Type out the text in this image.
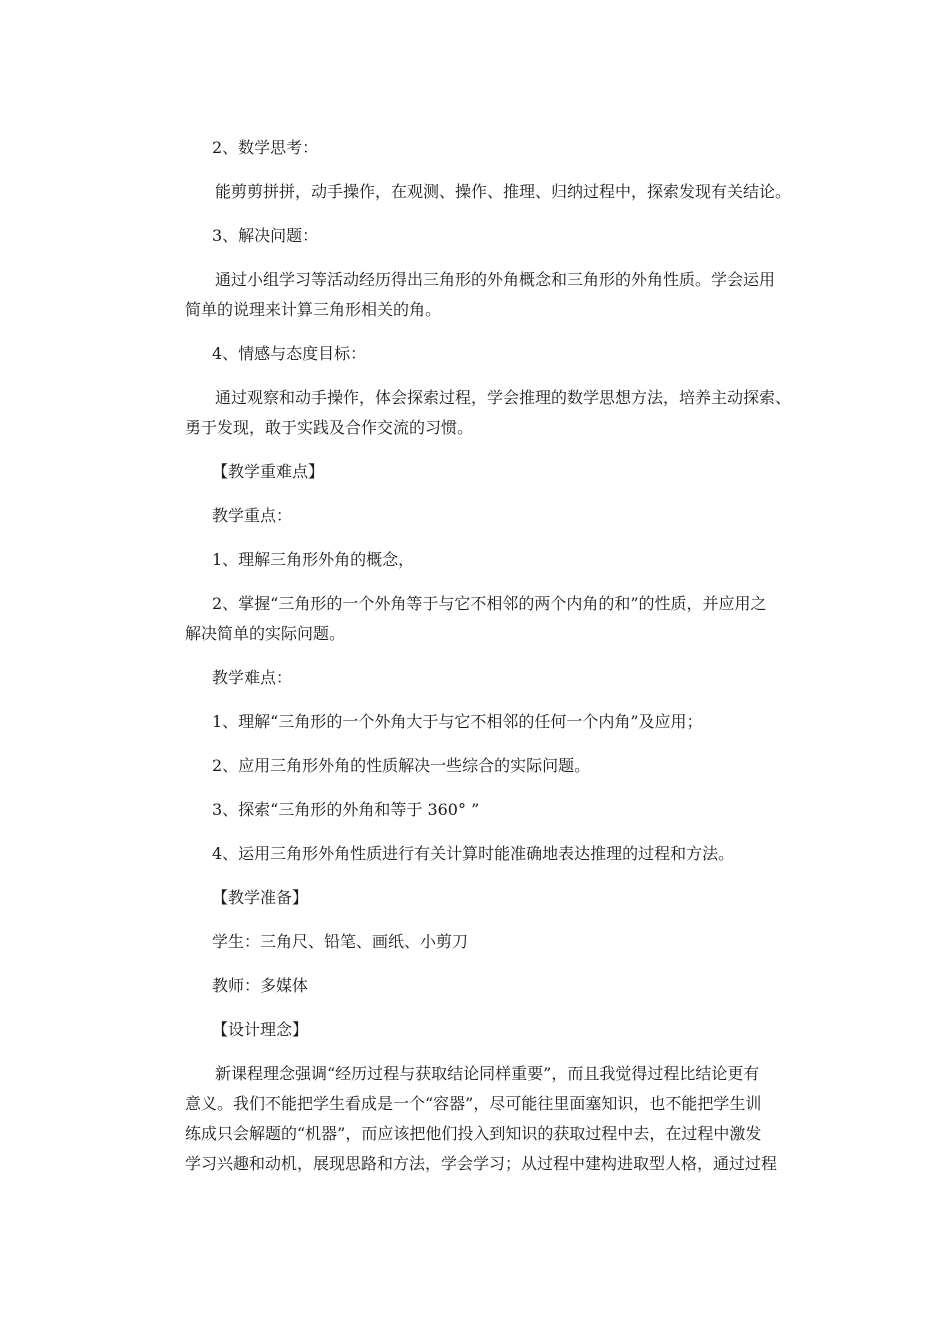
2、数学思考：

能剪剪拼拼，动手操作，在观测、操作、推理、归纳过程中，探索发现有关结论。

3、解决问题：

通过小组学习等活动经历得出三角形的外角概念和三角形的外角性质。学会运用

简单的说理来计算三角形相关的角。

4、情感与态度目标：

通过观察和动手操作，体会探索过程，学会推理的数学思想方法，培养主动探索、

勇于发现，敢于实践及合作交流的习惯。

【教学重难点】

教学重点：

1、理解三角形外角的概念，

2、掌握“三角形的一个外角等于与它不相邻的两个内角的和”的性质，并应用之

解决简单的实际问题。

教学难点：

1、理解“三角形的一个外角大于与它不相邻的任何一个内角”及应用；

2、应用三角形外角的性质解决一些综合的实际问题。

3、探索“三角形的外角和等于 360° ”

4、运用三角形外角性质进行有关计算时能准确地表达推理的过程和方法。

【教学准备】

学生：三角尺、铅笔、画纸、小剪刀

教师：多媒体

【设计理念】

新课程理念强调“经历过程与获取结论同样重要”，而且我觉得过程比结论更有

意义。我们不能把学生看成是一个“容器”，尽可能往里面塞知识，也不能把学生训

练成只会解题的“机器”，而应该把他们投入到知识的获取过程中去，在过程中激发

学习兴趣和动机，展现思路和方法，学会学习；从过程中建构进取型人格，通过过程
